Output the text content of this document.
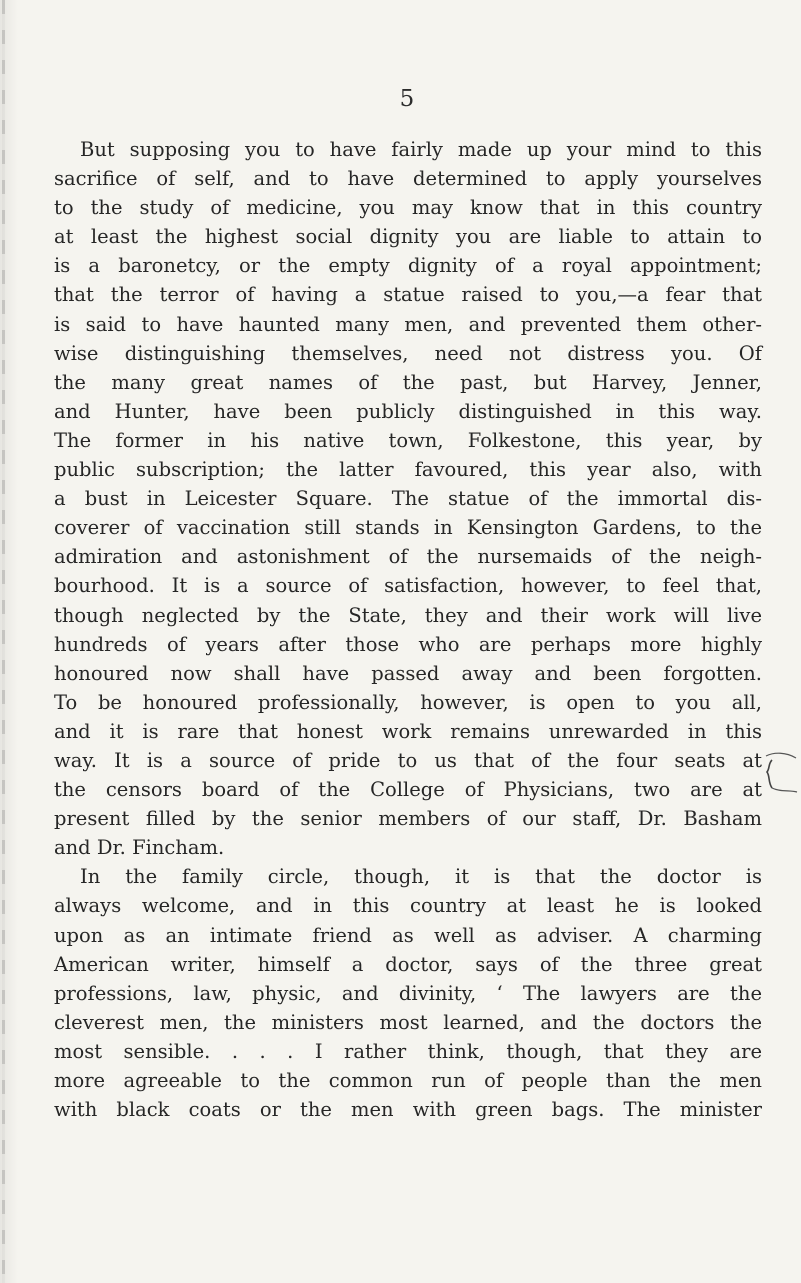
5
But supposing you to have fairly made up your mind to this
sacrifice of self, and to have determined to apply yourselves
to the study of medicine, you may know that in this country
at least the highest social dignity you are liable to attain to
is a baronetcy, or the empty dignity of a royal appointment;
that the terror of having a statue raised to you,—a fear that
is said to have haunted many men, and prevented them other-
wise distinguishing themselves, need not distress you. Of
the many great names of the past, but Harvey, Jenner,
and Hunter, have been publicly distinguished in this way.
The former in his native town, Folkestone, this year, by
public subscription; the latter favoured, this year also, with
a bust in Leicester Square. The statue of the immortal dis-
coverer of vaccination still stands in Kensington Gardens, to the
admiration and astonishment of the nursemaids of the neigh-
bourhood. It is a source of satisfaction, however, to feel that,
though neglected by the State, they and their work will live
hundreds of years after those who are perhaps more highly
honoured now shall have passed away and been forgotten.
To be honoured professionally, however, is open to you all,
and it is rare that honest work remains unrewarded in this
way. It is a source of pride to us that of the four seats at
the censors board of the College of Physicians, two are at
present filled by the senior members of our staff, Dr. Basham
and Dr. Fincham.
In the family circle, though, it is that the doctor is
always welcome, and in this country at least he is looked
upon as an intimate friend as well as adviser. A charming
American writer, himself a doctor, says of the three great
professions, law, physic, and divinity, ‘ The lawyers are the
cleverest men, the ministers most learned, and the doctors the
most sensible. . . . I rather think, though, that they are
more agreeable to the common run of people than the men
with black coats or the men with green bags. The minister
